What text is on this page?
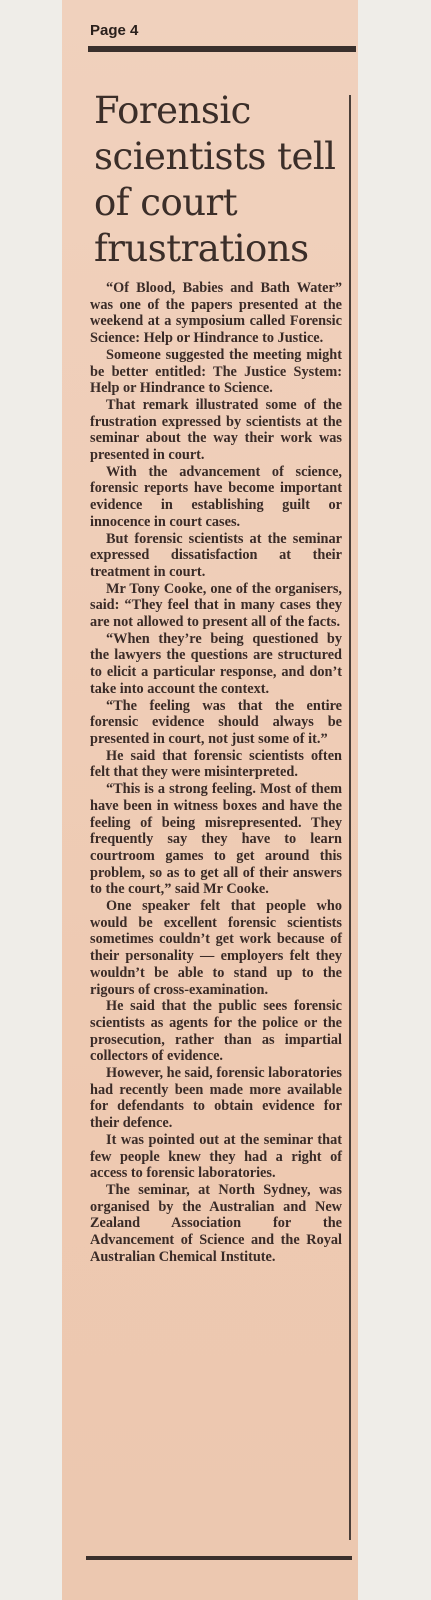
Page 4
Forensic scientists tell of court frustrations

“Of Blood, Babies and Bath Water” was one of the papers presented at the weekend at a symposium called Forensic Science: Help or Hindrance to Justice.

Someone suggested the meeting might be better entitled: The Justice System: Help or Hindrance to Science.

That remark illustrated some of the frustration expressed by scientists at the seminar about the way their work was presented in court.

With the advancement of science, forensic reports have become important evidence in establishing guilt or innocence in court cases.

But forensic scientists at the seminar expressed dissatisfaction at their treatment in court.

Mr Tony Cooke, one of the organisers, said: “They feel that in many cases they are not allowed to present all of the facts.

“When they’re being questioned by the lawyers the questions are structured to elicit a particular response, and don’t take into account the context.

“The feeling was that the entire forensic evidence should always be presented in court, not just some of it.”

He said that forensic scientists often felt that they were misinterpreted.

“This is a strong feeling. Most of them have been in witness boxes and have the feeling of being misrepresented. They frequently say they have to learn courtroom games to get around this problem, so as to get all of their answers to the court,” said Mr Cooke.

One speaker felt that people who would be excellent forensic scientists sometimes couldn’t get work because of their personality — employers felt they wouldn’t be able to stand up to the rigours of cross-examination.

He said that the public sees forensic scientists as agents for the police or the prosecution, rather than as impartial collectors of evidence.

However, he said, forensic laboratories had recently been made more available for defendants to obtain evidence for their defence.

It was pointed out at the seminar that few people knew they had a right of access to forensic laboratories.

The seminar, at North Sydney, was organised by the Australian and New Zealand Association for the Advancement of Science and the Royal Australian Chemical Institute.
